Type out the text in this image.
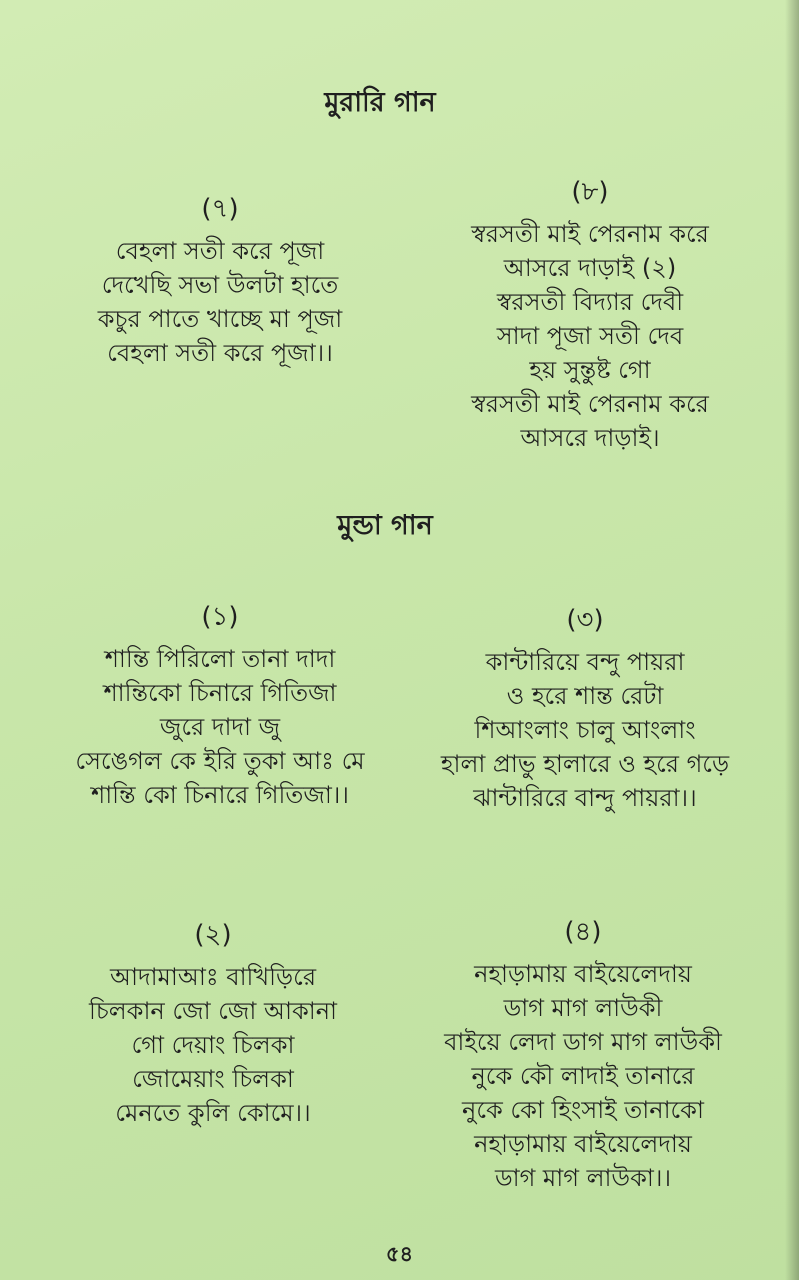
মুরারি গান
(৭)
বেহলা সতী করে পূজা
দেখেছি সভা উলটা হাতে
কচুর পাতে খাচ্ছে মা পূজা
বেহলা সতী করে পূজা।।
(৮)
স্বরসতী মাই পেরনাম করে
আসরে দাড়াই (২)
স্বরসতী বিদ্যার দেবী
সাদা পূজা সতী দেব
হয় সুন্তুষ্ট গো
স্বরসতী মাই পেরনাম করে
আসরে দাড়াই।
মুন্ডা গান
(১)
শান্তি পিরিলো তানা দাদা
শান্তিকো চিনারে গিতিজা
জুরে দাদা জু
সেঙেগল কে ইরি তুকা আঃ মে
শান্তি কো চিনারে গিতিজা।।
(৩)
কান্টারিয়ে বন্দু পায়রা
ও হরে শান্ত রেটা
শিআংলাং চালু আংলাং
হালা প্রাভু হালারে ও হরে গড়ে
ঝান্টারিরে বান্দু পায়রা।।
(২)
আদামাআঃ বাখিড়িরে
চিলকান জো জো আকানা
গো দেয়াং চিলকা
জোমেয়াং চিলকা
মেনতে কুলি কোমে।।
(৪)
নহাড়ামায় বাইয়েলেদায়
ডাগ মাগ লাউকী
বাইয়ে লেদা ডাগ মাগ লাউকী
নুকে কৌ লাদাই তানারে
নুকে কো হিংসাই তানাকো
নহাড়ামায় বাইয়েলেদায়
ডাগ মাগ লাউকা।।
৫৪
